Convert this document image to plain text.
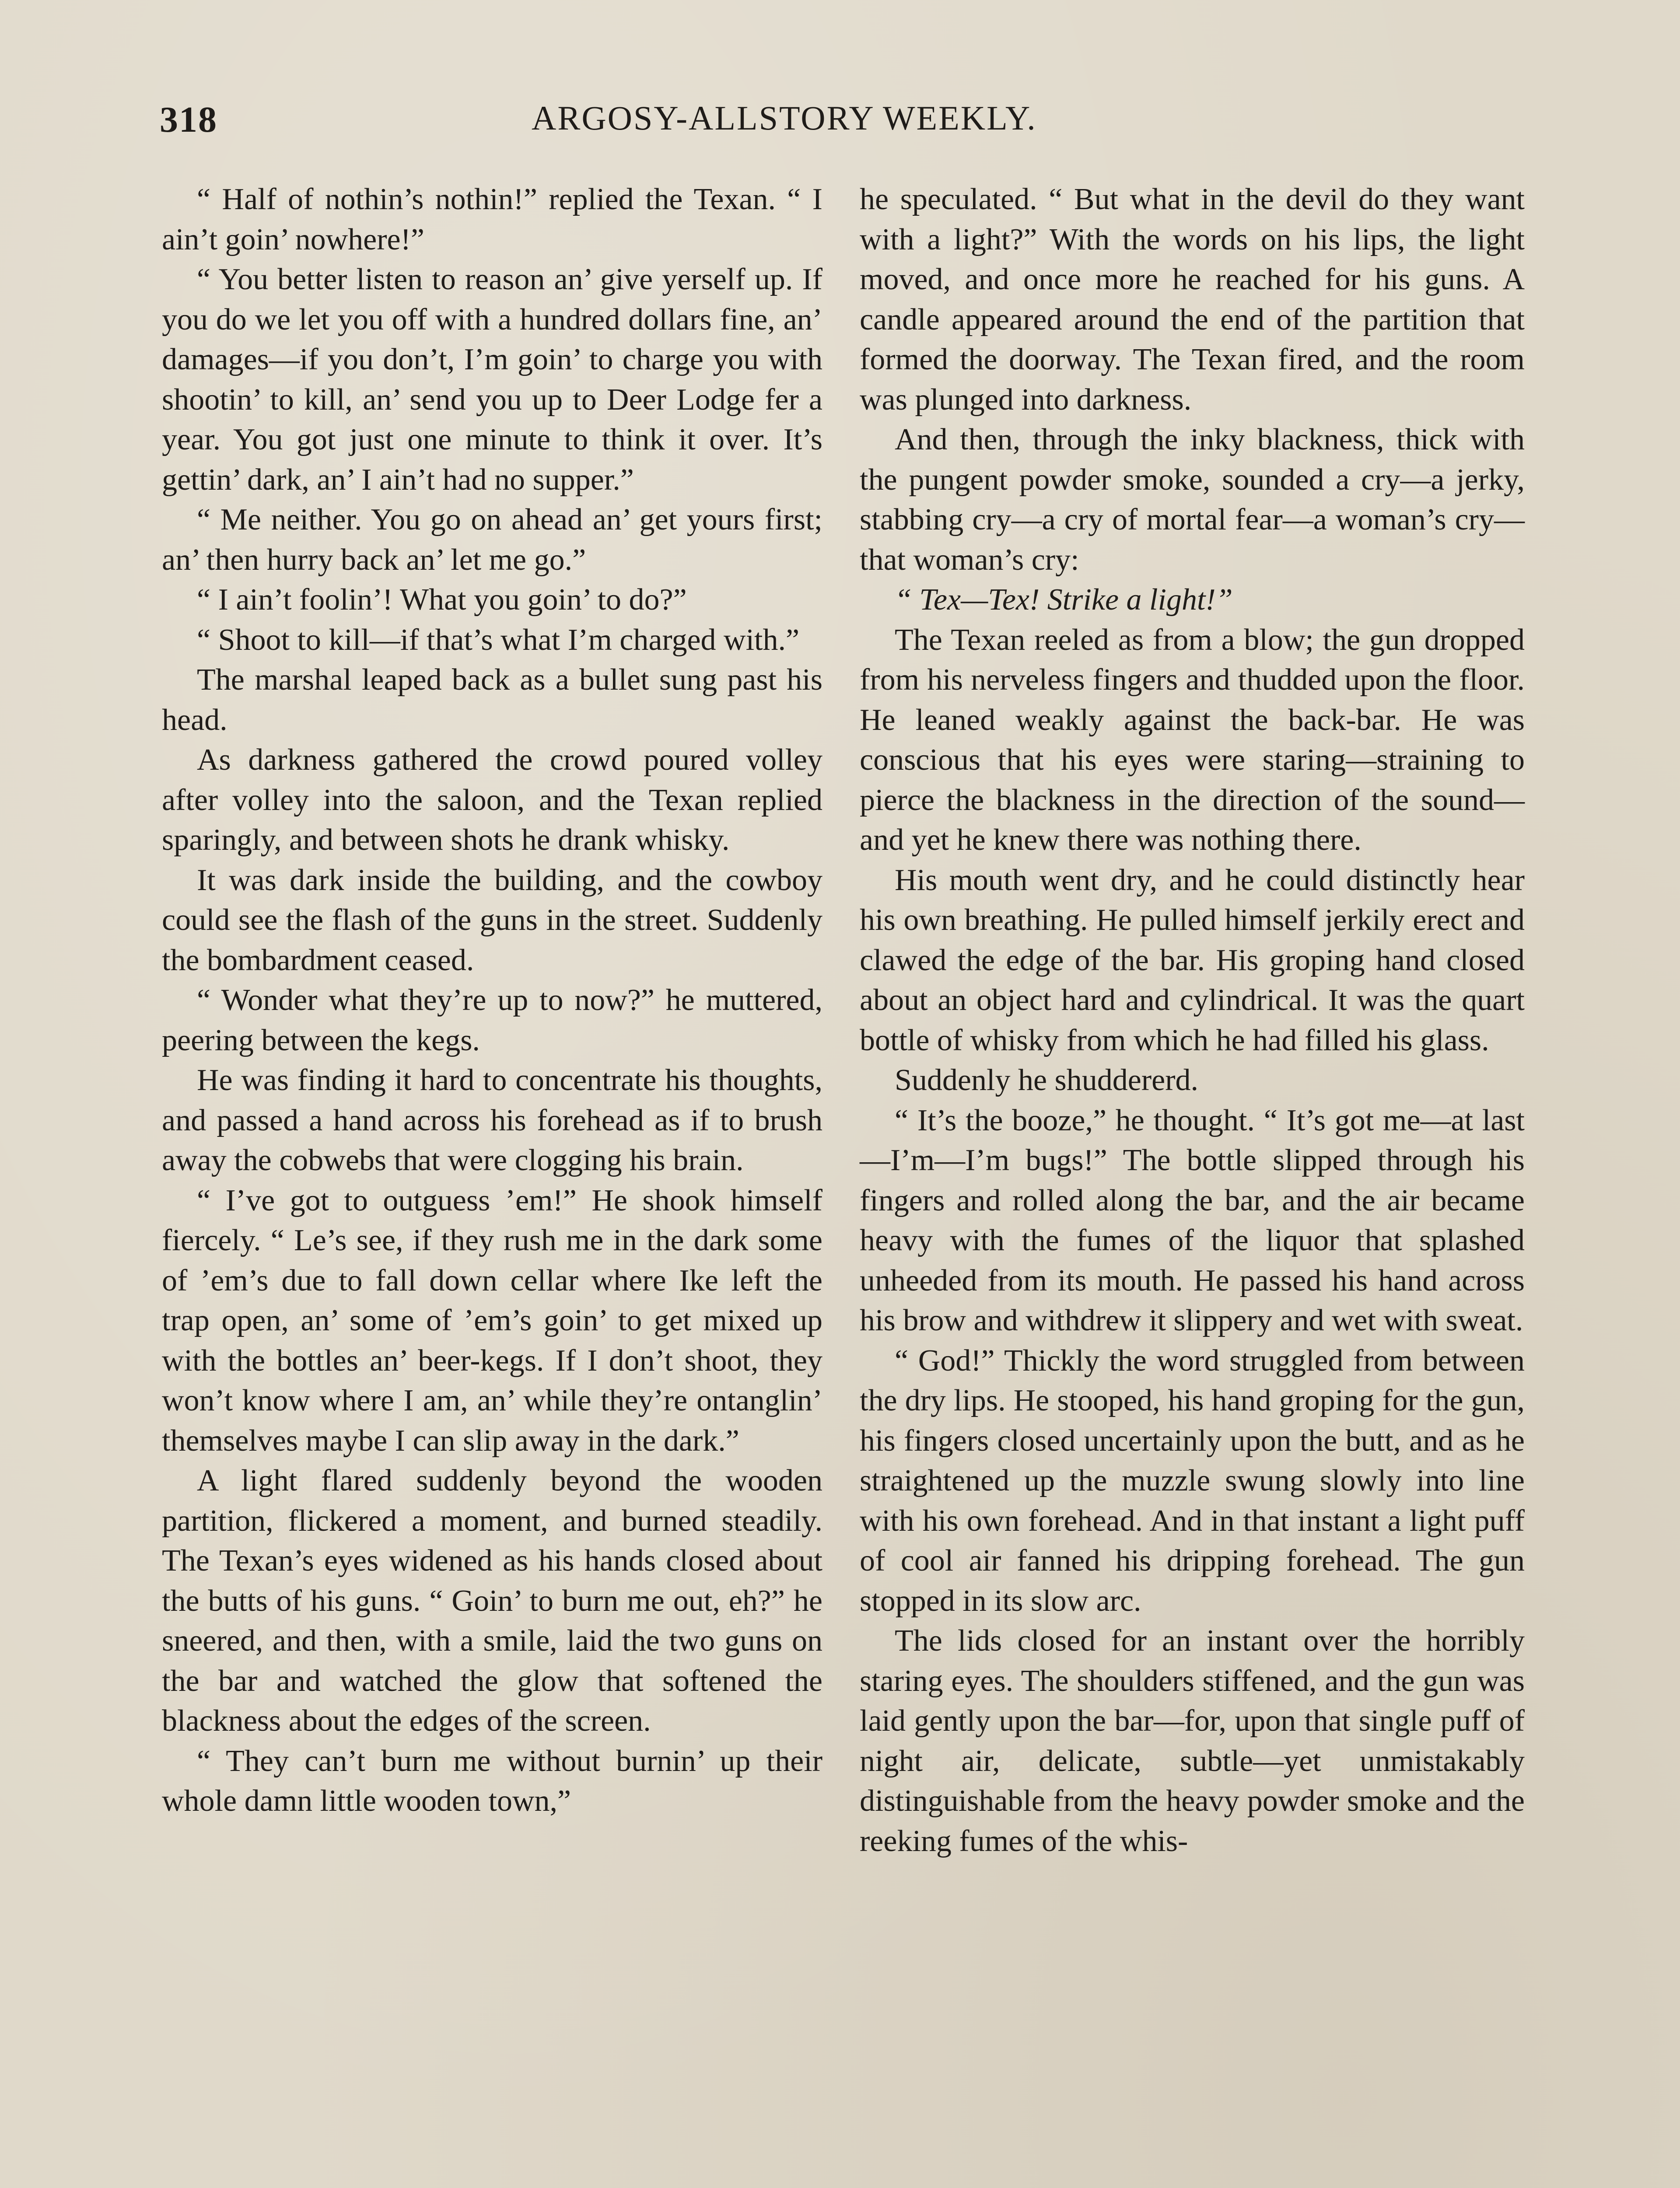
318	ARGOSY-ALLSTORY WEEKLY.

“ Half of nothin’s nothin!” replied the Texan. “ I ain’t goin’ nowhere!”

“ You better listen to reason an’ give yerself up. If you do we let you off with a hundred dollars fine, an’ damages—if you don’t, I’m goin’ to charge you with shootin’ to kill, an’ send you up to Deer Lodge fer a year. You got just one minute to think it over. It’s gettin’ dark, an’ I ain’t had no supper.”

“ Me neither. You go on ahead an’ get yours first; an’ then hurry back an’ let me go.”

“ I ain’t foolin’! What you goin’ to do?”

“ Shoot to kill—if that’s what I’m charged with.”

The marshal leaped back as a bullet sung past his head.

As darkness gathered the crowd poured volley after volley into the saloon, and the Texan replied sparingly, and between shots he drank whisky.

It was dark inside the building, and the cowboy could see the flash of the guns in the street. Suddenly the bombardment ceased.

“ Wonder what they’re up to now?” he muttered, peering between the kegs.

He was finding it hard to concentrate his thoughts, and passed a hand across his forehead as if to brush away the cobwebs that were clogging his brain.

“ I’ve got to outguess ’em!” He shook himself fiercely. “ Le’s see, if they rush me in the dark some of ’em’s due to fall down cellar where Ike left the trap open, an’ some of ’em’s goin’ to get mixed up with the bottles an’ beer-kegs. If I don’t shoot, they won’t know where I am, an’ while they’re ontanglin’ themselves maybe I can slip away in the dark.”

A light flared suddenly beyond the wooden partition, flickered a moment, and burned steadily. The Texan’s eyes widened as his hands closed about the butts of his guns. “ Goin’ to burn me out, eh?” he sneered, and then, with a smile, laid the two guns on the bar and watched the glow that softened the blackness about the edges of the screen.

“ They can’t burn me without burnin’ up their whole damn little wooden town,”

he speculated. “ But what in the devil do they want with a light?” With the words on his lips, the light moved, and once more he reached for his guns. A candle appeared around the end of the partition that formed the doorway. The Texan fired, and the room was plunged into darkness.

And then, through the inky blackness, thick with the pungent powder smoke, sounded a cry—a jerky, stabbing cry—a cry of mortal fear—a woman’s cry—that woman’s cry:

“ Tex—Tex! Strike a light!”

The Texan reeled as from a blow; the gun dropped from his nerveless fingers and thudded upon the floor. He leaned weakly against the back-bar. He was conscious that his eyes were staring—straining to pierce the blackness in the direction of the sound—and yet he knew there was nothing there.

His mouth went dry, and he could distinctly hear his own breathing. He pulled himself jerkily erect and clawed the edge of the bar. His groping hand closed about an object hard and cylindrical. It was the quart bottle of whisky from which he had filled his glass.

Suddenly he shuddererd.

“ It’s the booze,” he thought. “ It’s got me—at last—I’m—I’m bugs!” The bottle slipped through his fingers and rolled along the bar, and the air became heavy with the fumes of the liquor that splashed unheeded from its mouth. He passed his hand across his brow and withdrew it slippery and wet with sweat.

“ God!” Thickly the word struggled from between the dry lips. He stooped, his hand groping for the gun, his fingers closed uncertainly upon the butt, and as he straightened up the muzzle swung slowly into line with his own forehead. And in that instant a light puff of cool air fanned his dripping forehead. The gun stopped in its slow arc.

The lids closed for an instant over the horribly staring eyes. The shoulders stiffened, and the gun was laid gently upon the bar—for, upon that single puff of night air, delicate, subtle—yet unmistakably distinguishable from the heavy powder smoke and the reeking fumes of the whis-
